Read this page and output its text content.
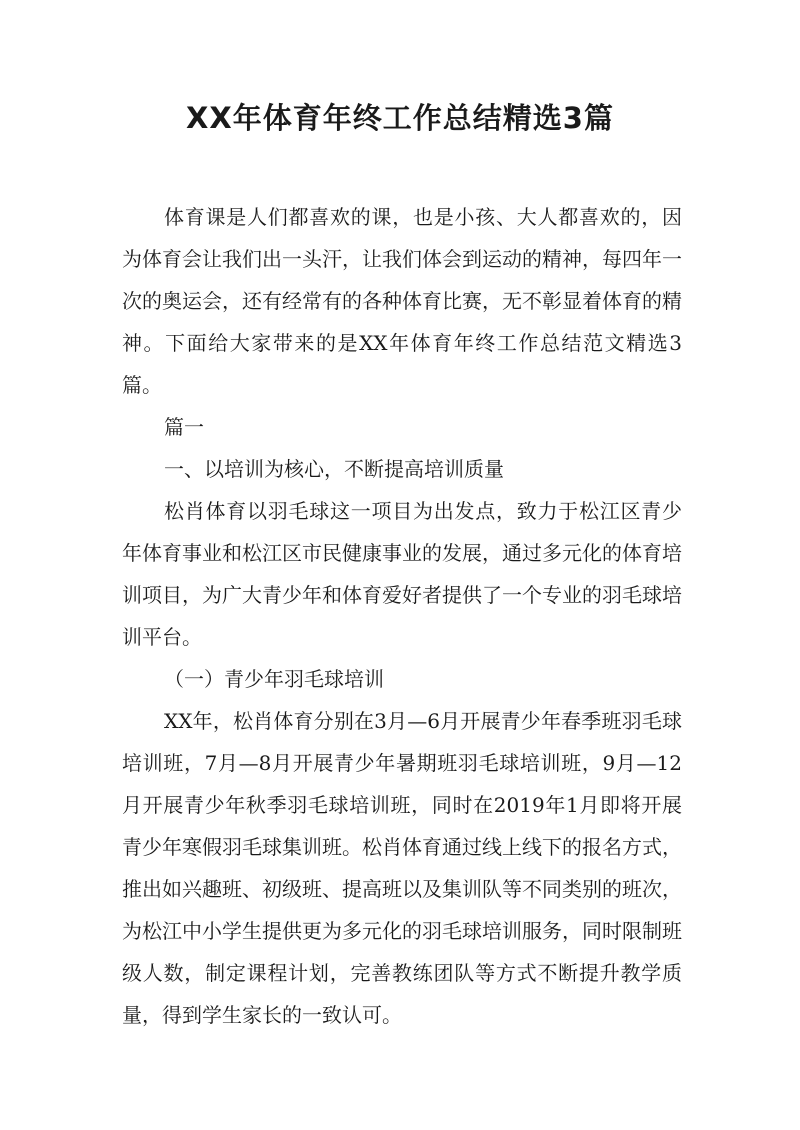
XX年体育年终工作总结精选3篇

体育课是人们都喜欢的课，也是小孩、大人都喜欢的，因为体育会让我们出一头汗，让我们体会到运动的精神，每四年一次的奥运会，还有经常有的各种体育比赛，无不彰显着体育的精神。下面给大家带来的是XX年体育年终工作总结范文精选3篇。

篇一

一、以培训为核心，不断提高培训质量

松肖体育以羽毛球这一项目为出发点，致力于松江区青少年体育事业和松江区市民健康事业的发展，通过多元化的体育培训项目，为广大青少年和体育爱好者提供了一个专业的羽毛球培训平台。

（一）青少年羽毛球培训

XX年，松肖体育分别在3月—6月开展青少年春季班羽毛球培训班，7月—8月开展青少年暑期班羽毛球培训班，9月—12月开展青少年秋季羽毛球培训班，同时在2019年1月即将开展青少年寒假羽毛球集训班。松肖体育通过线上线下的报名方式，推出如兴趣班、初级班、提高班以及集训队等不同类别的班次，为松江中小学生提供更为多元化的羽毛球培训服务，同时限制班级人数，制定课程计划，完善教练团队等方式不断提升教学质量，得到学生家长的一致认可。
